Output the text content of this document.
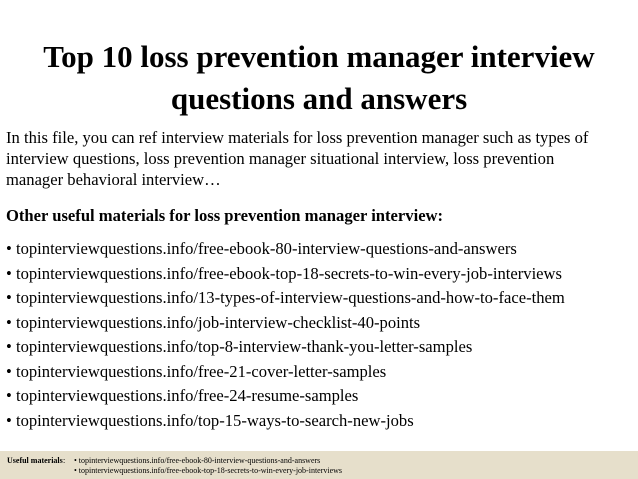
Top 10 loss prevention manager interview
questions and answers

In this file, you can ref interview materials for loss prevention manager such as types of
interview questions, loss prevention manager situational interview, loss prevention
manager behavioral interview…

Other useful materials for loss prevention manager interview:

• topinterviewquestions.info/free-ebook-80-interview-questions-and-answers
• topinterviewquestions.info/free-ebook-top-18-secrets-to-win-every-job-interviews
• topinterviewquestions.info/13-types-of-interview-questions-and-how-to-face-them
• topinterviewquestions.info/job-interview-checklist-40-points
• topinterviewquestions.info/top-8-interview-thank-you-letter-samples
• topinterviewquestions.info/free-21-cover-letter-samples
• topinterviewquestions.info/free-24-resume-samples
• topinterviewquestions.info/top-15-ways-to-search-new-jobs
Useful materials : • topinterviewquestions.info/free-ebook-80-interview-questions-and-answers
• topinterviewquestions.info/free-ebook-top-18-secrets-to-win-every-job-interviews
